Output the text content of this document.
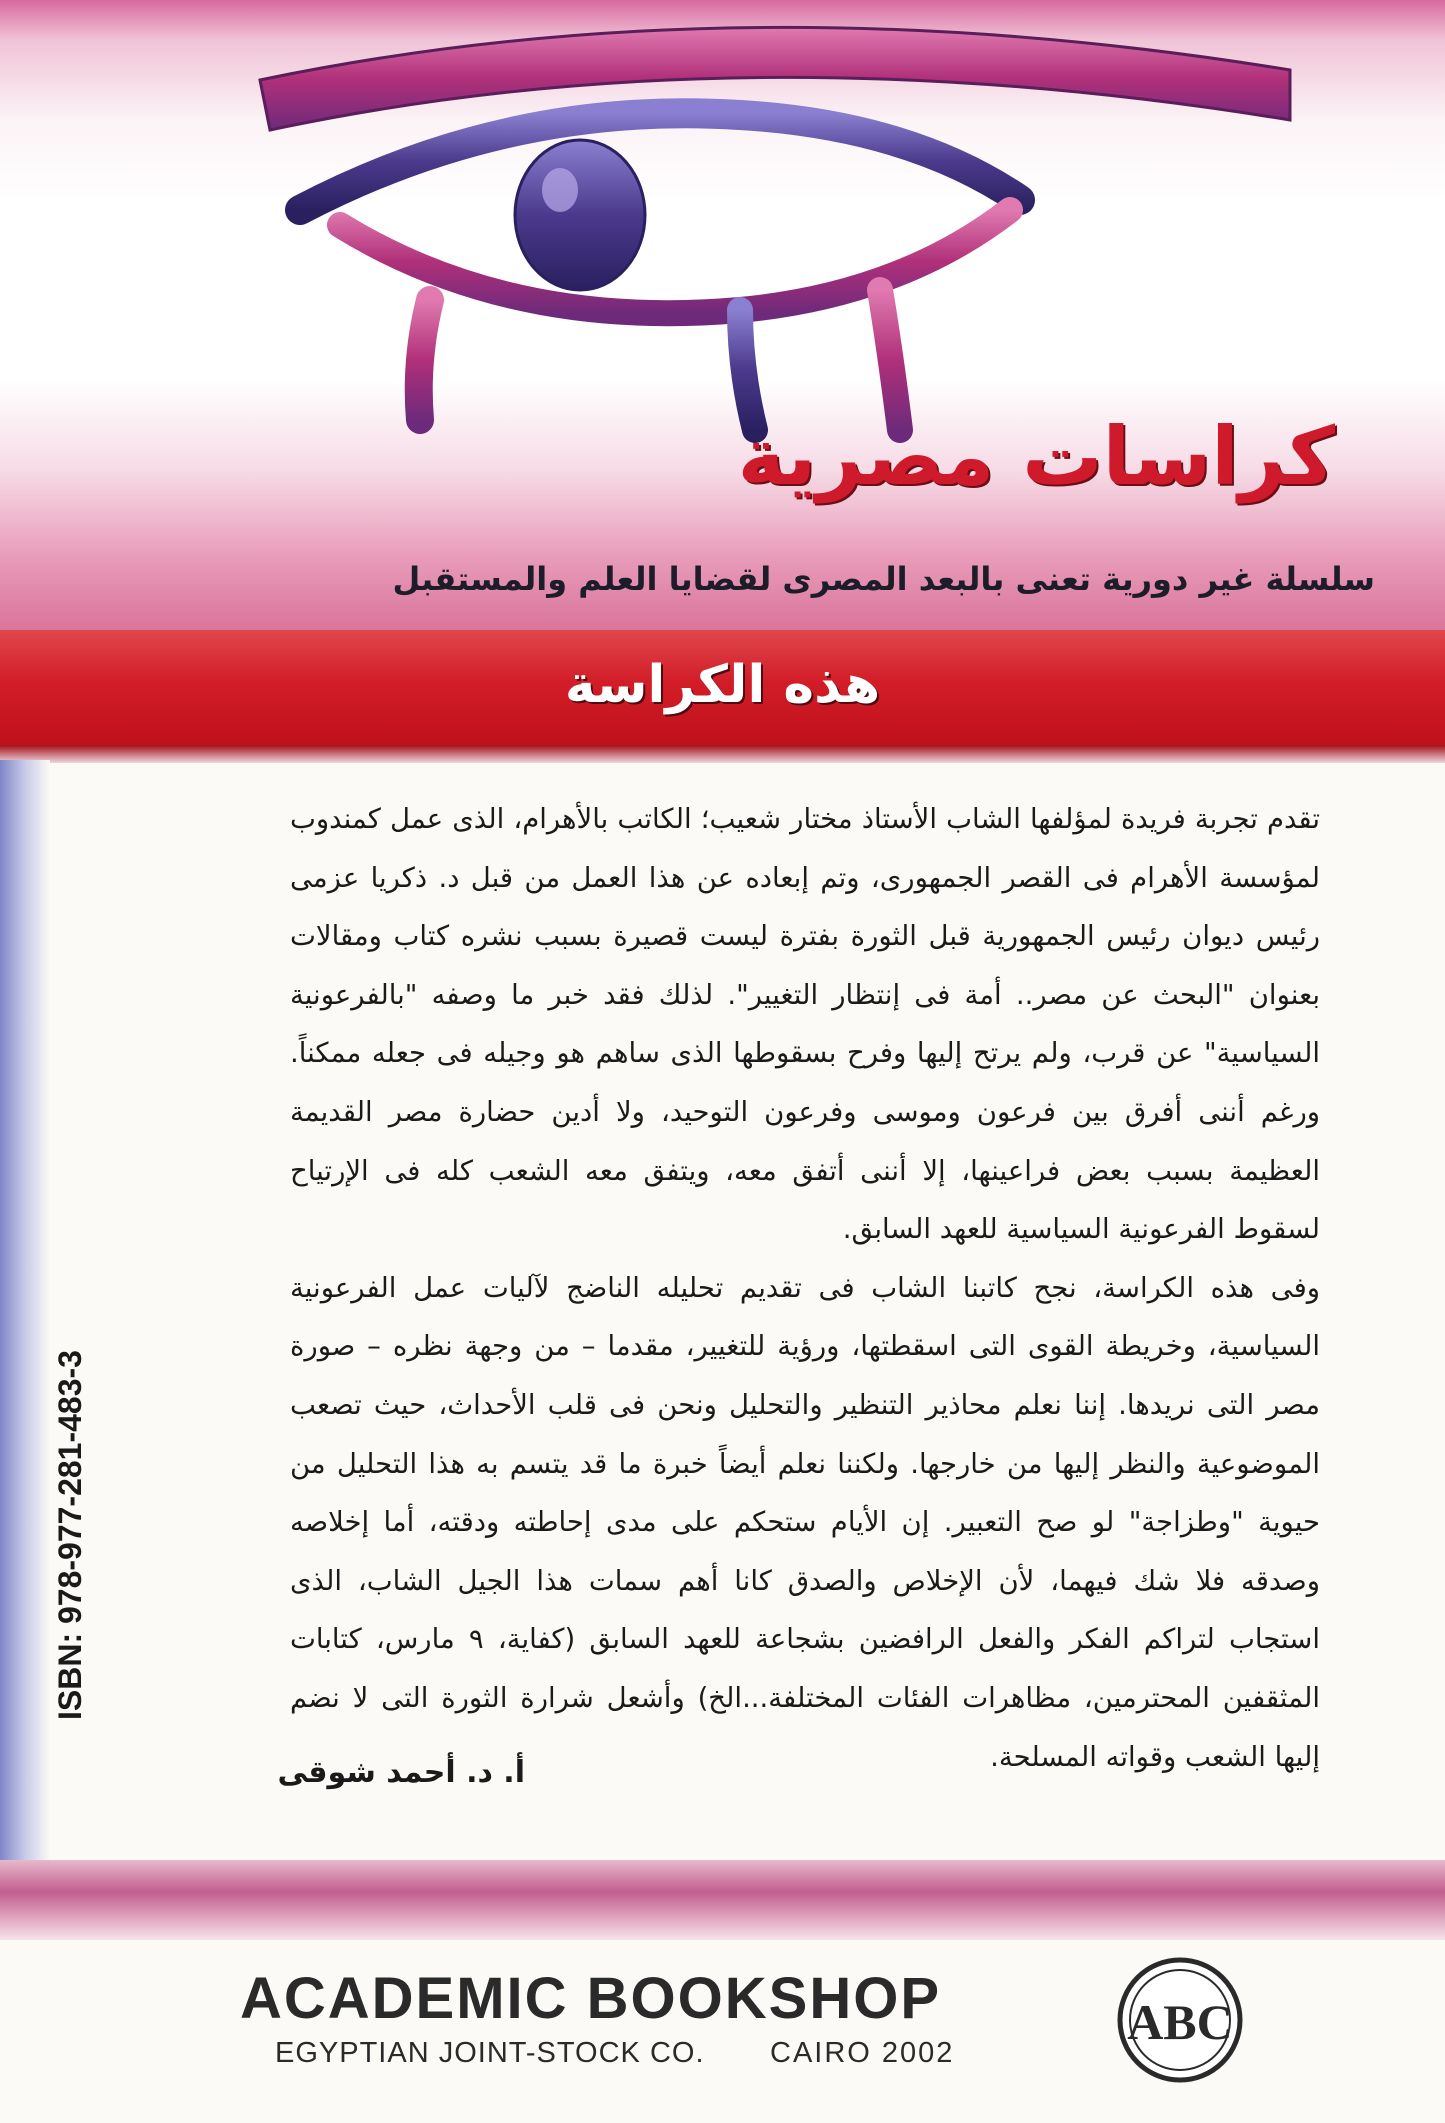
كراسات مصرية
سلسلة غير دورية تعنى بالبعد المصرى لقضايا العلم والمستقبل
هذه الكراسة

تقدم تجربة فريدة لمؤلفها الشاب الأستاذ مختار شعيب؛ الكاتب بالأهرام، الذى عمل كمندوب لمؤسسة الأهرام فى القصر الجمهورى، وتم إبعاده عن هذا العمل من قبل د. ذكريا عزمى رئيس ديوان رئيس الجمهورية قبل الثورة بفترة ليست قصيرة بسبب نشره كتاب ومقالات بعنوان "البحث عن مصر.. أمة فى إنتظار التغيير". لذلك فقد خبر ما وصفه "بالفرعونية السياسية" عن قرب، ولم يرتح إليها وفرح بسقوطها الذى ساهم هو وجيله فى جعله ممكناً. ورغم أننى أفرق بين فرعون وموسى وفرعون التوحيد، ولا أدين حضارة مصر القديمة العظيمة بسبب بعض فراعينها، إلا أننى أتفق معه، ويتفق معه الشعب كله فى الإرتياح لسقوط الفرعونية السياسية للعهد السابق.

وفى هذه الكراسة، نجح كاتبنا الشاب فى تقديم تحليله الناضج لآليات عمل الفرعونية السياسية، وخريطة القوى التى اسقطتها، ورؤية للتغيير، مقدما – من وجهة نظره – صورة مصر التى نريدها. إننا نعلم محاذير التنظير والتحليل ونحن فى قلب الأحداث، حيث تصعب الموضوعية والنظر إليها من خارجها. ولكننا نعلم أيضاً خبرة ما قد يتسم به هذا التحليل من حيوية "وطزاجة" لو صح التعبير. إن الأيام ستحكم على مدى إحاطته ودقته، أما إخلاصه وصدقه فلا شك فيهما، لأن الإخلاص والصدق كانا أهم سمات هذا الجيل الشاب، الذى استجاب لتراكم الفكر والفعل الرافضين بشجاعة للعهد السابق (كفاية، ٩ مارس، كتابات المثقفين المحترمين، مظاهرات الفئات المختلفة...الخ) وأشعل شرارة الثورة التى لا نضم إليها الشعب وقواته المسلحة.

أ. د. أحمد شوقى
ISBN: 978-977-281-483-3
ACADEMIC BOOKSHOP
EGYPTIAN JOINT-STOCK CO. CAIRO 2002
ABC
